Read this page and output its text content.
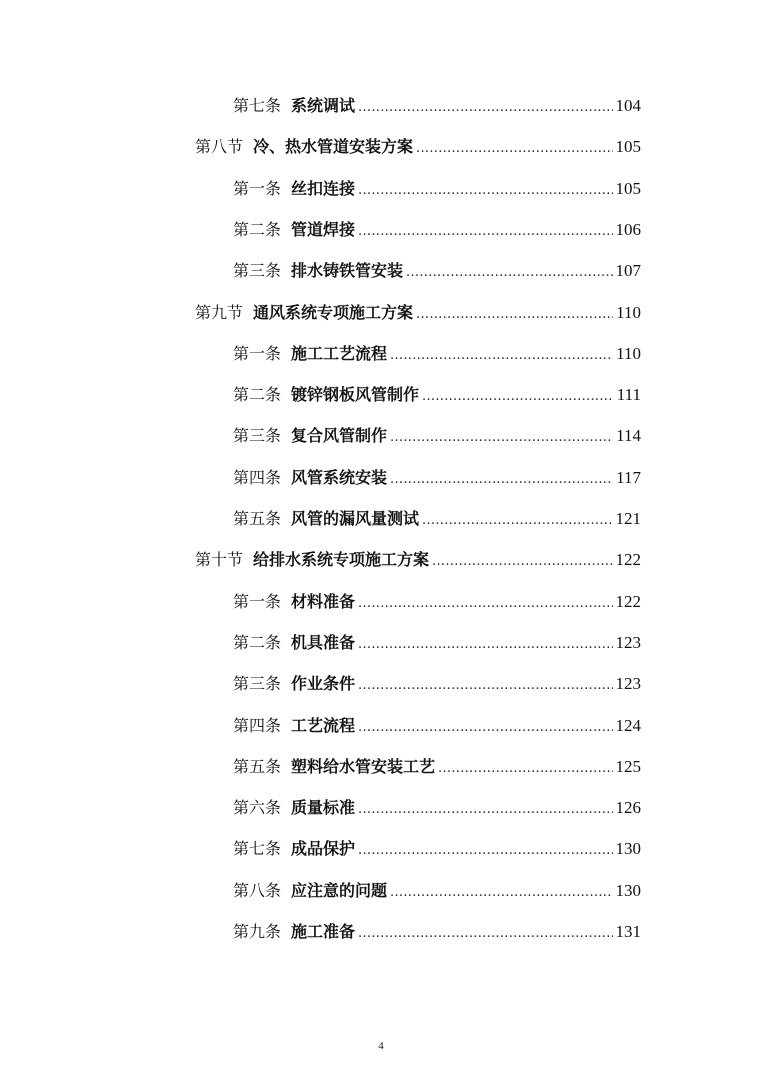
第七条 系统调试 .....	104
第八节 冷、热水管道安装方案 .....	105
第一条 丝扣连接 .....	105
第二条 管道焊接 .....	106
第三条 排水铸铁管安装 .....	107
第九节 通风系统专项施工方案 .....	110
第一条 施工工艺流程 .....	110
第二条 镀锌钢板风管制作 .....	111
第三条 复合风管制作 .....	114
第四条 风管系统安装 .....	117
第五条 风管的漏风量测试 .....	121
第十节 给排水系统专项施工方案 .....	122
第一条 材料准备 .....	122
第二条 机具准备 .....	123
第三条 作业条件 .....	123
第四条 工艺流程 .....	124
第五条 塑料给水管安装工艺 .....	125
第六条 质量标准 .....	126
第七条 成品保护 .....	130
第八条 应注意的问题 .....	130
第九条 施工准备 .....	131
4
